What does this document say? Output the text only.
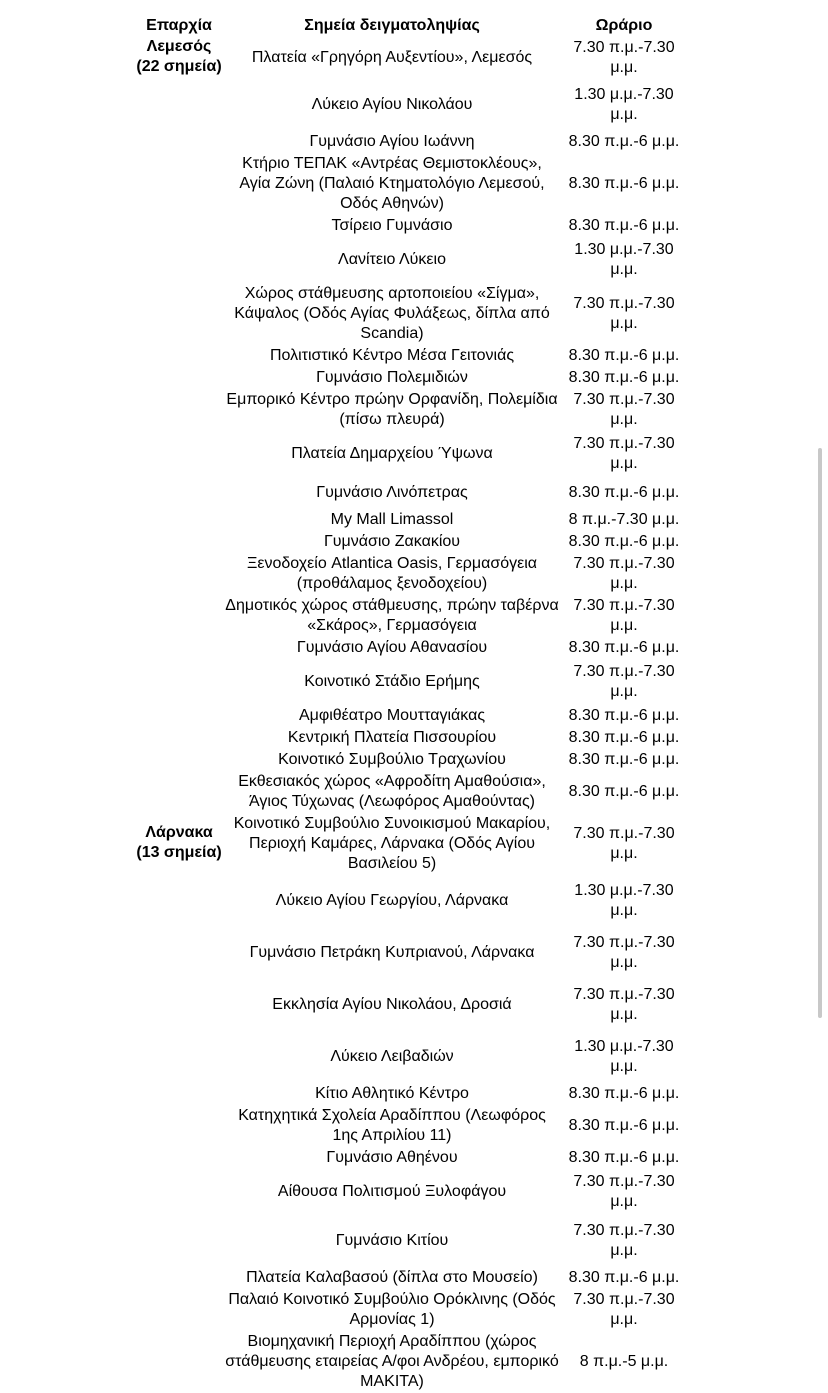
Επαρχία	Σημεία δειγματοληψίας	Ωράριο

Λεμεσός
(22 σημεία)	Πλατεία «Γρηγόρη Αυξεντίου», Λεμεσός	7.30 π.μ.-7.30 μ.μ.
	Λύκειο Αγίου Νικολάου	1.30 μ.μ.-7.30 μ.μ.
	Γυμνάσιο Αγίου Ιωάννη	8.30 π.μ.-6 μ.μ.
	Κτήριο ΤΕΠΑΚ «Αντρέας Θεμιστοκλέους», Αγία Ζώνη (Παλαιό Κτηματολόγιο Λεμεσού, Οδός Αθηνών)	8.30 π.μ.-6 μ.μ.
	Τσίρειο Γυμνάσιο	8.30 π.μ.-6 μ.μ.
	Λανίτειο Λύκειο	1.30 μ.μ.-7.30 μ.μ.
	Χώρος στάθμευσης αρτοποιείου «Σίγμα», Κάψαλος (Οδός Αγίας Φυλάξεως, δίπλα από Scandia)	7.30 π.μ.-7.30 μ.μ.
	Πολιτιστικό Κέντρο Μέσα Γειτονιάς	8.30 π.μ.-6 μ.μ.
	Γυμνάσιο Πολεμιδιών	8.30 π.μ.-6 μ.μ.
	Εμπορικό Κέντρο πρώην Ορφανίδη, Πολεμίδια (πίσω πλευρά)	7.30 π.μ.-7.30 μ.μ.
	Πλατεία Δημαρχείου Ύψωνα	7.30 π.μ.-7.30 μ.μ.
	Γυμνάσιο Λινόπετρας	8.30 π.μ.-6 μ.μ.
	My Mall Limassol	8 π.μ.-7.30 μ.μ.
	Γυμνάσιο Ζακακίου	8.30 π.μ.-6 μ.μ.
	Ξενοδοχείο Atlantica Oasis, Γερμασόγεια (προθάλαμος ξενοδοχείου)	7.30 π.μ.-7.30 μ.μ.
	Δημοτικός χώρος στάθμευσης, πρώην ταβέρνα «Σκάρος», Γερμασόγεια	7.30 π.μ.-7.30 μ.μ.
	Γυμνάσιο Αγίου Αθανασίου	8.30 π.μ.-6 μ.μ.
	Κοινοτικό Στάδιο Ερήμης	7.30 π.μ.-7.30 μ.μ.
	Αμφιθέατρο Μουτταγιάκας	8.30 π.μ.-6 μ.μ.
	Κεντρική Πλατεία Πισσουρίου	8.30 π.μ.-6 μ.μ.
	Κοινοτικό Συμβούλιο Τραχωνίου	8.30 π.μ.-6 μ.μ.
	Εκθεσιακός χώρος «Αφροδίτη Αμαθούσια», Άγιος Τύχωνας (Λεωφόρος Αμαθούντας)	8.30 π.μ.-6 μ.μ.

Λάρνακα
(13 σημεία)	Κοινοτικό Συμβούλιο Συνοικισμού Μακαρίου, Περιοχή Καμάρες, Λάρνακα (Οδός Αγίου Βασιλείου 5)	7.30 π.μ.-7.30 μ.μ.
	Λύκειο Αγίου Γεωργίου, Λάρνακα	1.30 μ.μ.-7.30 μ.μ.
	Γυμνάσιο Πετράκη Κυπριανού, Λάρνακα	7.30 π.μ.-7.30 μ.μ.
	Εκκλησία Αγίου Νικολάου, Δροσιά	7.30 π.μ.-7.30 μ.μ.
	Λύκειο Λειβαδιών	1.30 μ.μ.-7.30 μ.μ.
	Κίτιο Αθλητικό Κέντρο	8.30 π.μ.-6 μ.μ.
	Κατηχητικά Σχολεία Αραδίππου (Λεωφόρος 1ης Απριλίου 11)	8.30 π.μ.-6 μ.μ.
	Γυμνάσιο Αθηένου	8.30 π.μ.-6 μ.μ.
	Αίθουσα Πολιτισμού Ξυλοφάγου	7.30 π.μ.-7.30 μ.μ.
	Γυμνάσιο Κιτίου	7.30 π.μ.-7.30 μ.μ.
	Πλατεία Καλαβασού (δίπλα στο Μουσείο)	8.30 π.μ.-6 μ.μ.
	Παλαιό Κοινοτικό Συμβούλιο Ορόκλινης (Οδός Αρμονίας 1)	7.30 π.μ.-7.30 μ.μ.
	Βιομηχανική Περιοχή Αραδίππου (χώρος στάθμευσης εταιρείας Α/φοι Ανδρέου, εμπορικό ΜΑΚΙΤΑ)	8 π.μ.-5 μ.μ.
